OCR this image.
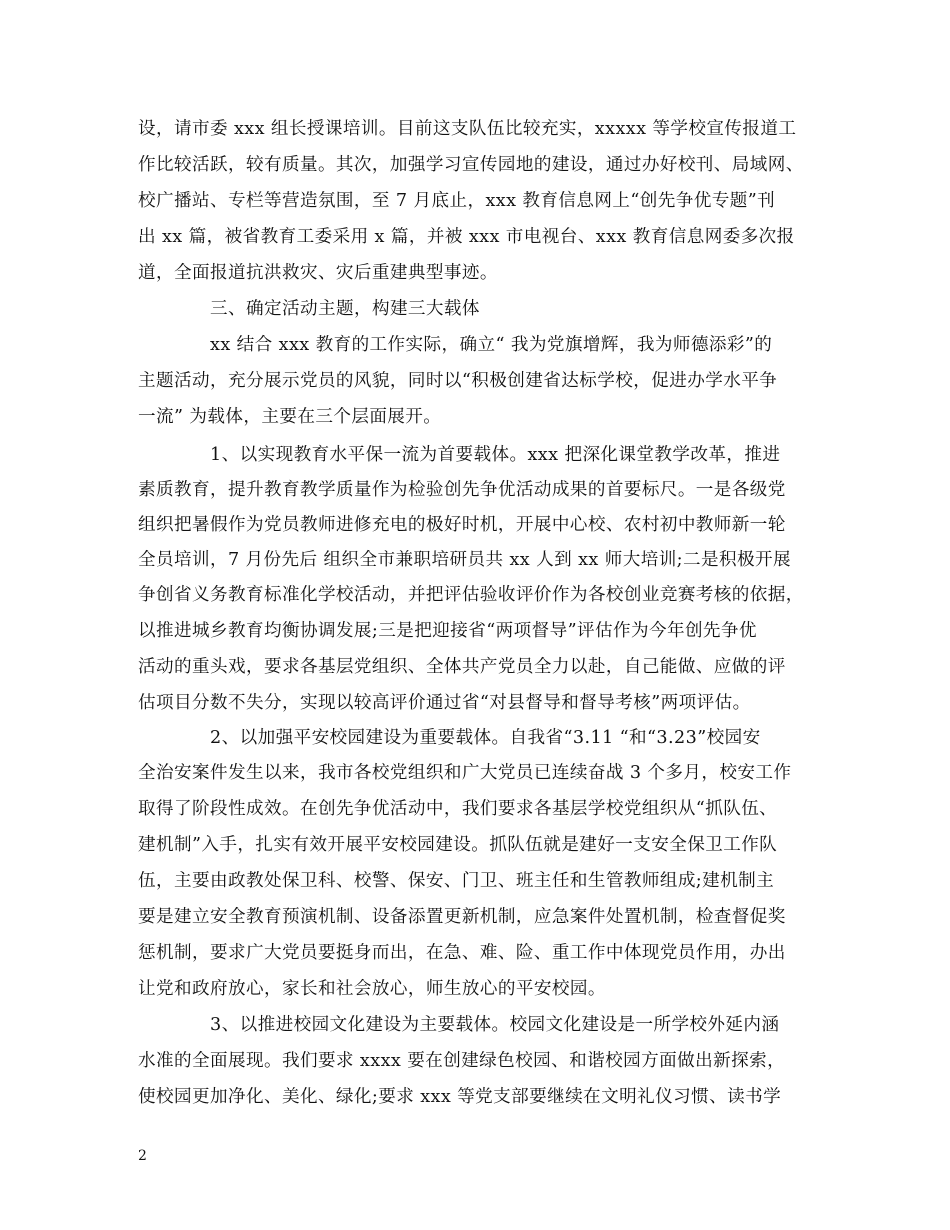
设，请市委 xxx 组长授课培训。目前这支队伍比较充实，xxxxx 等学校宣传报道工
作比较活跃，较有质量。其次，加强学习宣传园地的建设，通过办好校刊、局域网、
校广播站、专栏等营造氛围，至 7 月底止，xxx 教育信息网上“创先争优专题”刊
出 xx 篇，被省教育工委采用 x 篇，并被 xxx 市电视台、xxx 教育信息网委多次报
道，全面报道抗洪救灾、灾后重建典型事迹。
三、确定活动主题，构建三大载体
xx 结合 xxx 教育的工作实际，确立“ 我为党旗增辉，我为师德添彩”的
主题活动，充分展示党员的风貌，同时以“积极创建省达标学校，促进办学水平争
一流” 为载体，主要在三个层面展开。
1、以实现教育水平保一流为首要载体。xxx 把深化课堂教学改革，推进
素质教育，提升教育教学质量作为检验创先争优活动成果的首要标尺。一是各级党
组织把暑假作为党员教师进修充电的极好时机，开展中心校、农村初中教师新一轮
全员培训，7 月份先后 组织全市兼职培研员共 xx 人到 xx 师大培训;二是积极开展
争创省义务教育标准化学校活动，并把评估验收评价作为各校创业竞赛考核的依据，
以推进城乡教育均衡协调发展;三是把迎接省“两项督导”评估作为今年创先争优
活动的重头戏，要求各基层党组织、全体共产党员全力以赴，自己能做、应做的评
估项目分数不失分，实现以较高评价通过省“对县督导和督导考核”两项评估。
2、以加强平安校园建设为重要载体。自我省“3.11 “和“3.23”校园安
全治安案件发生以来，我市各校党组织和广大党员已连续奋战 3 个多月，校安工作
取得了阶段性成效。在创先争优活动中，我们要求各基层学校党组织从“抓队伍、
建机制”入手，扎实有效开展平安校园建设。抓队伍就是建好一支安全保卫工作队
伍，主要由政教处保卫科、校警、保安、门卫、班主任和生管教师组成;建机制主
要是建立安全教育预演机制、设备添置更新机制，应急案件处置机制，检查督促奖
惩机制，要求广大党员要挺身而出，在急、难、险、重工作中体现党员作用，办出
让党和政府放心，家长和社会放心，师生放心的平安校园。
3、以推进校园文化建设为主要载体。校园文化建设是一所学校外延内涵
水准的全面展现。我们要求 xxxx 要在创建绿色校园、和谐校园方面做出新探索，
使校园更加净化、美化、绿化;要求 xxx 等党支部要继续在文明礼仪习惯、读书学
2
